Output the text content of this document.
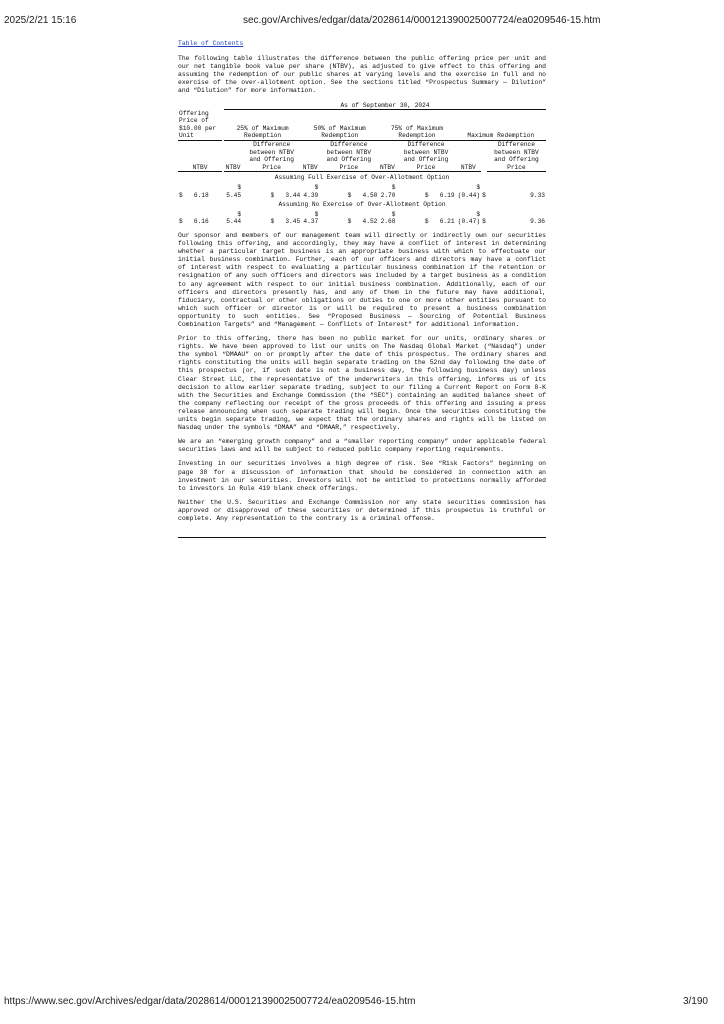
2025/2/21 15:16	sec.gov/Archives/edgar/data/2028614/000121390025007724/ea0209546-15.htm
Table of Contents

The following table illustrates the difference between the public offering price per unit and our net tangible book value per share (NTBV), as adjusted to give effect to this offering and assuming the redemption of our public shares at varying levels and the exercise in full and no exercise of the over-allotment option. See the sections titled “Prospectus Summary — Dilution” and “Dilution” for more information.

		As of September 30, 2024								
Offering Price of $10.00 per Unit		25% of Maximum Redemption		50% of Maximum Redemption		75% of Maximum Redemption		Maximum Redemption		
NTBV		NTBV	Difference between NTBV and Offering Price	NTBV	Difference between NTBV and Offering Price	NTBV	Difference between NTBV and Offering Price	NTBV		Difference between NTBV and Offering Price
Assuming Full Exercise of Over-Allotment Option										
$ 6.18		$ 5.45	$   3.44	$ 4.39	$   4.50	$ 2.70	$   6.19	$ (0.44)	$	9.33
Assuming No Exercise of Over-Allotment Option										
$ 6.16		$ 5.44	$   3.45	$ 4.37	$   4.52	$ 2.68	$   6.21	$ (0.47)	$	9.36

Our sponsor and members of our management team will directly or indirectly own our securities following this offering, and accordingly, they may have a conflict of interest in determining whether a particular target business is an appropriate business with which to effectuate our initial business combination. Further, each of our officers and directors may have a conflict of interest with respect to evaluating a particular business combination if the retention or resignation of any such officers and directors was included by a target business as a condition to any agreement with respect to our initial business combination. Additionally, each of our officers and directors presently has, and any of them in the future may have additional, fiduciary, contractual or other obligations or duties to one or more other entities pursuant to which such officer or director is or will be required to present a business combination opportunity to such entities. See “Proposed Business — Sourcing of Potential Business Combination Targets” and “Management — Conflicts of Interest” for additional information.

Prior to this offering, there has been no public market for our units, ordinary shares or rights. We have been approved to list our units on The Nasdaq Global Market (“Nasdaq”) under the symbol “DMAAU” on or promptly after the date of this prospectus. The ordinary shares and rights constituting the units will begin separate trading on the 52nd day following the date of this prospectus (or, if such date is not a business day, the following business day) unless Clear Street LLC, the representative of the underwriters in this offering, informs us of its decision to allow earlier separate trading, subject to our filing a Current Report on Form 8-K with the Securities and Exchange Commission (the “SEC”) containing an audited balance sheet of the company reflecting our receipt of the gross proceeds of this offering and issuing a press release announcing when such separate trading will begin. Once the securities constituting the units begin separate trading, we expect that the ordinary shares and rights will be listed on Nasdaq under the symbols “DMAA” and “DMAAR,” respectively.

We are an “emerging growth company” and a “smaller reporting company” under applicable federal securities laws and will be subject to reduced public company reporting requirements.

Investing in our securities involves a high degree of risk. See “Risk Factors” beginning on page 38 for a discussion of information that should be considered in connection with an investment in our securities. Investors will not be entitled to protections normally afforded to investors in Rule 419 blank check offerings.

Neither the U.S. Securities and Exchange Commission nor any state securities commission has approved or disapproved of these securities or determined if this prospectus is truthful or complete. Any representation to the contrary is a criminal offense.

https://www.sec.gov/Archives/edgar/data/2028614/000121390025007724/ea0209546-15.htm	3/190
